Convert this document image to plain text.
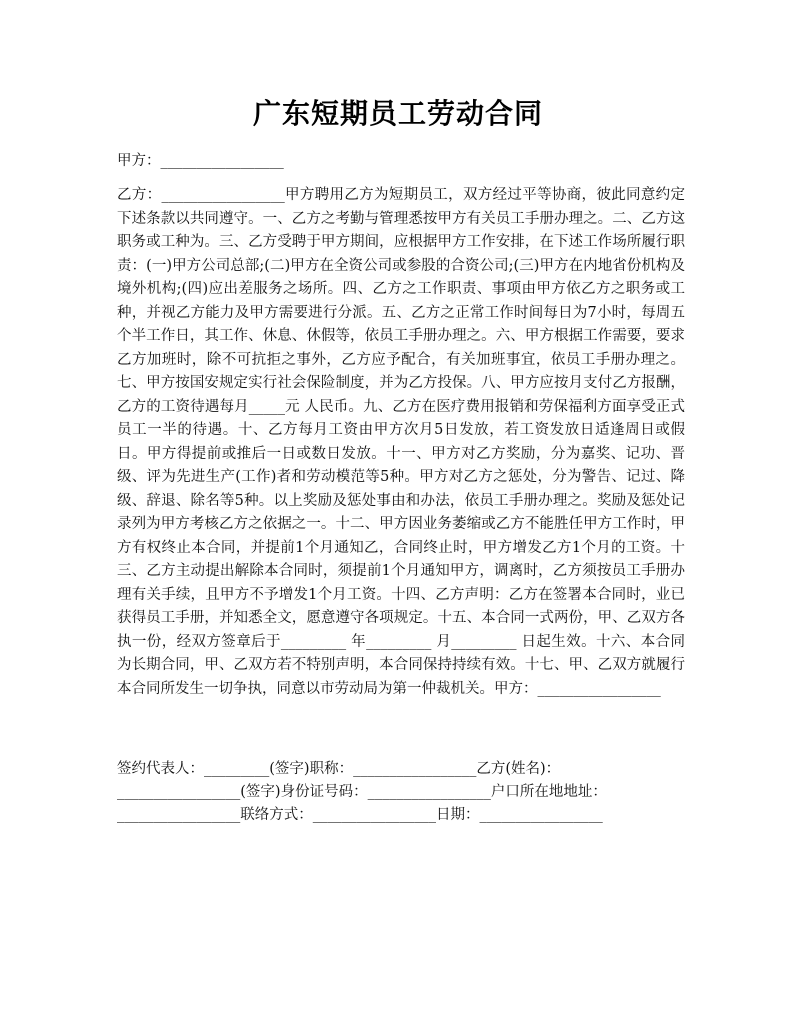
广东短期员工劳动合同
甲方：_________________
乙方：_________________甲方聘用乙方为短期员工，双方经过平等协商，彼此同意约定下述条款以共同遵守。一、乙方之考勤与管理悉按甲方有关员工手册办理之。二、乙方这职务或工种为。三、乙方受聘于甲方期间，应根据甲方工作安排，在下述工作场所履行职责：(一)甲方公司总部;(二)甲方在全资公司或参股的合资公司;(三)甲方在内地省份机构及境外机构;(四)应出差服务之场所。四、乙方之工作职责、事项由甲方依乙方之职务或工种，并视乙方能力及甲方需要进行分派。五、乙方之正常工作时间每日为7小时，每周五个半工作日，其工作、休息、休假等，依员工手册办理之。六、甲方根据工作需要，要求乙方加班时，除不可抗拒之事外，乙方应予配合，有关加班事宜，依员工手册办理之。七、甲方按国安规定实行社会保险制度，并为乙方投保。八、甲方应按月支付乙方报酬，乙方的工资待遇每月_____元 人民币。九、乙方在医疗费用报销和劳保福利方面享受正式员工一半的待遇。十、乙方每月工资由甲方次月5日发放，若工资发放日适逢周日或假日。甲方得提前或推后一日或数日发放。十一、甲方对乙方奖励，分为嘉奖、记功、晋级、评为先进生产(工作)者和劳动模范等5种。甲方对乙方之惩处，分为警告、记过、降级、辞退、除名等5种。以上奖励及惩处事由和办法，依员工手册办理之。奖励及惩处记录列为甲方考核乙方之依据之一。十二、甲方因业务萎缩或乙方不能胜任甲方工作时，甲方有权终止本合同，并提前1个月通知乙，合同终止时，甲方增发乙方1个月的工资。十三、乙方主动提出解除本合同时，须提前1个月通知甲方，调离时，乙方须按员工手册办理有关手续，且甲方不予增发1个月工资。十四、乙方声明：乙方在签署本合同时，业已获得员工手册，并知悉全文，愿意遵守各项规定。十五、本合同一式两份，甲、乙双方各执一份，经双方签章后于_________ 年_________ 月_________ 日起生效。十六、本合同为长期合同，甲、乙双方若不特别声明，本合同保持持续有效。十七、甲、乙双方就履行本合同所发生一切争执，同意以市劳动局为第一仲裁机关。甲方：_________________
签约代表人：_________(签字)职称：_________________乙方(姓名)：
_________________(签字)身份证号码：_________________户口所在地地址：
_________________联络方式：_________________日期：_________________
